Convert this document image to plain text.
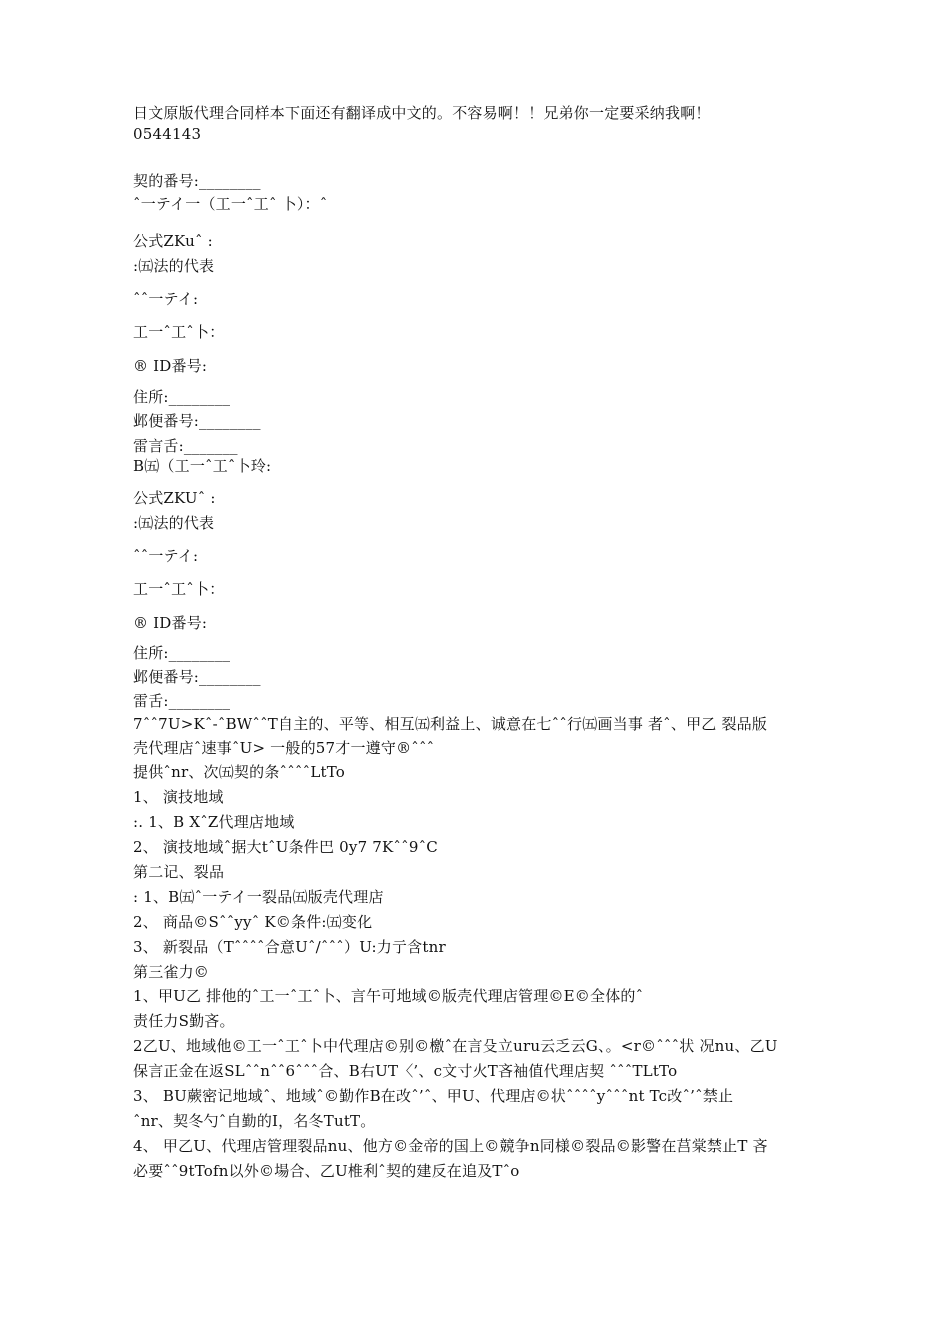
日文原版代理合同样本下面还有翻译成中文的。不容易啊！！兄弟你一定要采纳我啊！
0544143
契的番号:________
ˆ一テイ一（工一ˆ工ˆ 卜）：ˆ
公式ZKuˆ :
:㈤法的代表
ˆˆ一テイ:
工一ˆ工ˆ卜：
® ID番号:
住所:________
邺便番号:________
雷言舌:_______
B㈤（工一ˆ工ˆ卜玲:
公式ZKUˆ :
:㈤法的代表
ˆˆ一テイ:
工一ˆ工ˆ卜：
® ID番号:
住所:________
邺便番号:________
雷舌:________
7ˆˆ7U>Kˆ-ˆBWˆˆT自主的、平等、相互㈤利益上、诚意在七ˆˆ行㈤画当事 者ˆ、甲乙 裂品版
壳代理店ˆ速事ˆU> 一般的57才一遵守®ˆˆˆ
提供ˆnr、次㈤契的条ˆˆˆˆLtTo
1、 演技地域
:. 1、B XˆZ代理店地域
2、 演技地域ˆ据大tˆU条件巴 0y7 7Kˆˆ9ˆC
第二记、裂品
: 1、B㈤ˆ一テイ一裂品㈤版壳代理店
2、 商品©Sˆˆyyˆ K©条件:㈤变化
3、 新裂品（Tˆˆˆˆ合意Uˆ/ˆˆˆ）U:力亍含tnr
第三雀力©
1、甲U乙 排他的ˆ工一ˆ工ˆ卜、言午可地域©版壳代理店管理©E©全体的ˆ
责任力S勤吝。
2乙U、地域他©工一ˆ工ˆ卜中代理店©别©檄ˆ在言殳立uru云乏云G、。<r©ˆˆˆ状 况nu、乙U
保言正金在返SLˆˆnˆˆ6ˆˆˆ合、B右UT〈’、c文寸火T吝袖值代理店契 ˆˆˆTLtTo
3、 BU蕨密记地域ˆ、地域ˆ©勤作B在改ˆ’ˆ、甲U、代理店©状ˆˆˆˆyˆˆˆnt Tc改ˆ’ˆ禁止
ˆnr、契冬勺ˆ自勤的I，名冬TutT。
4、 甲乙U、代理店管理裂品nu、他方©金帝的国上©競争n同様©裂品©影警在莒棠禁止T 吝
必要ˆˆ9tTofn以外©場合、乙U椎利ˆ契的建反在追及Tˆo
